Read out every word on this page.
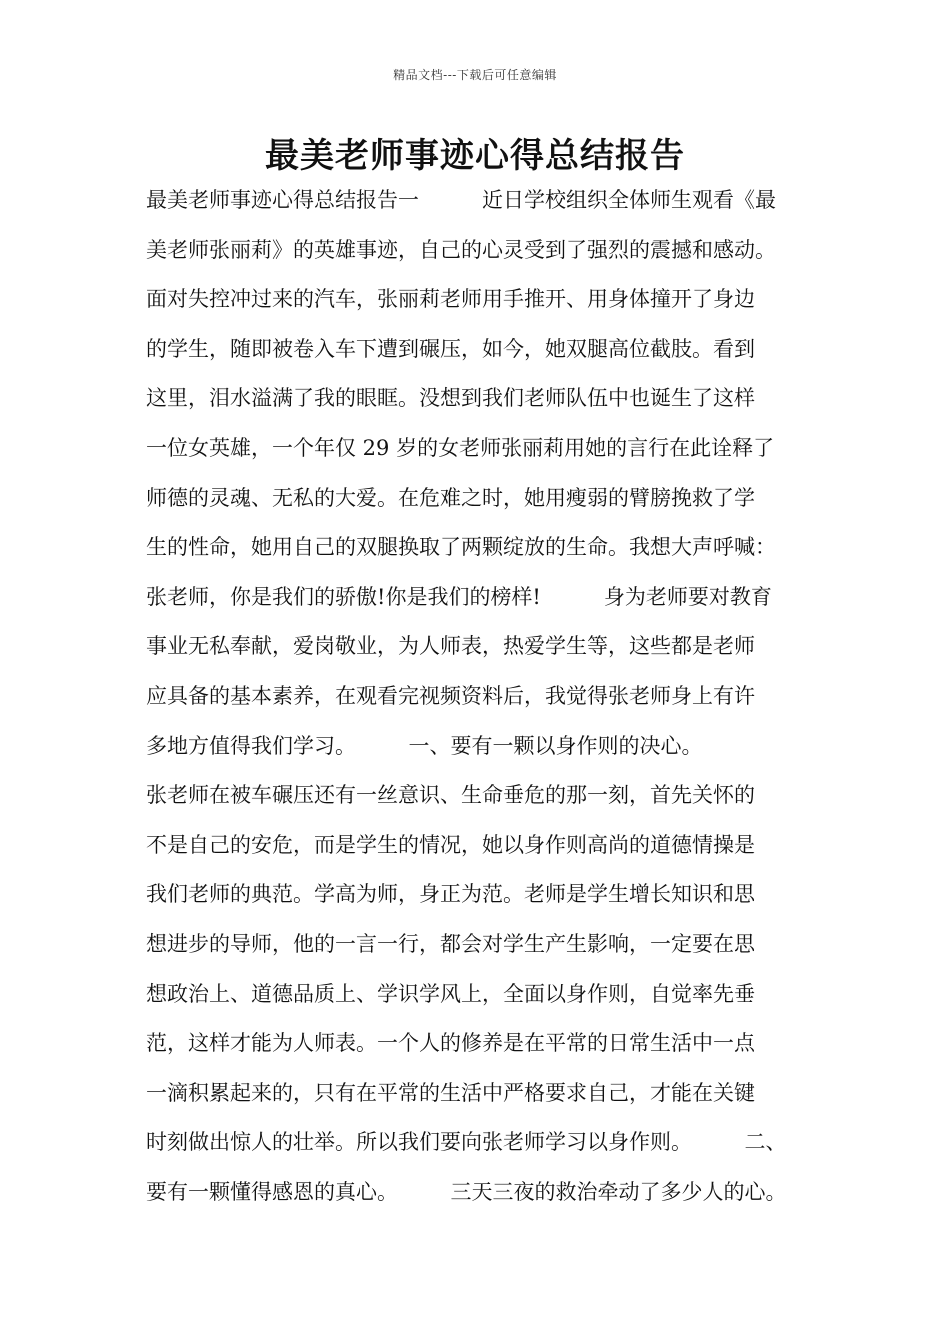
精品文档---下载后可任意编辑
最美老师事迹心得总结报告
最美老师事迹心得总结报告一　　　近日学校组织全体师生观看《最
美老师张丽莉》的英雄事迹，自己的心灵受到了强烈的震撼和感动。
面对失控冲过来的汽车，张丽莉老师用手推开、用身体撞开了身边
的学生，随即被卷入车下遭到碾压，如今，她双腿高位截肢。看到
这里，泪水溢满了我的眼眶。没想到我们老师队伍中也诞生了这样
一位女英雄，一个年仅 29 岁的女老师张丽莉用她的言行在此诠释了
师德的灵魂、无私的大爱。在危难之时，她用瘦弱的臂膀挽救了学
生的性命，她用自己的双腿换取了两颗绽放的生命。我想大声呼喊：
张老师，你是我们的骄傲!你是我们的榜样!　　　身为老师要对教育
事业无私奉献，爱岗敬业，为人师表，热爱学生等，这些都是老师
应具备的基本素养，在观看完视频资料后，我觉得张老师身上有许
多地方值得我们学习。　　　一、要有一颗以身作则的决心。
张老师在被车碾压还有一丝意识、生命垂危的那一刻，首先关怀的
不是自己的安危，而是学生的情况，她以身作则高尚的道德情操是
我们老师的典范。学高为师，身正为范。老师是学生增长知识和思
想进步的导师，他的一言一行，都会对学生产生影响，一定要在思
想政治上、道德品质上、学识学风上，全面以身作则，自觉率先垂
范，这样才能为人师表。一个人的修养是在平常的日常生活中一点
一滴积累起来的，只有在平常的生活中严格要求自己，才能在关键
时刻做出惊人的壮举。所以我们要向张老师学习以身作则。　　　二、
要有一颗懂得感恩的真心。　　　三天三夜的救治牵动了多少人的心。
